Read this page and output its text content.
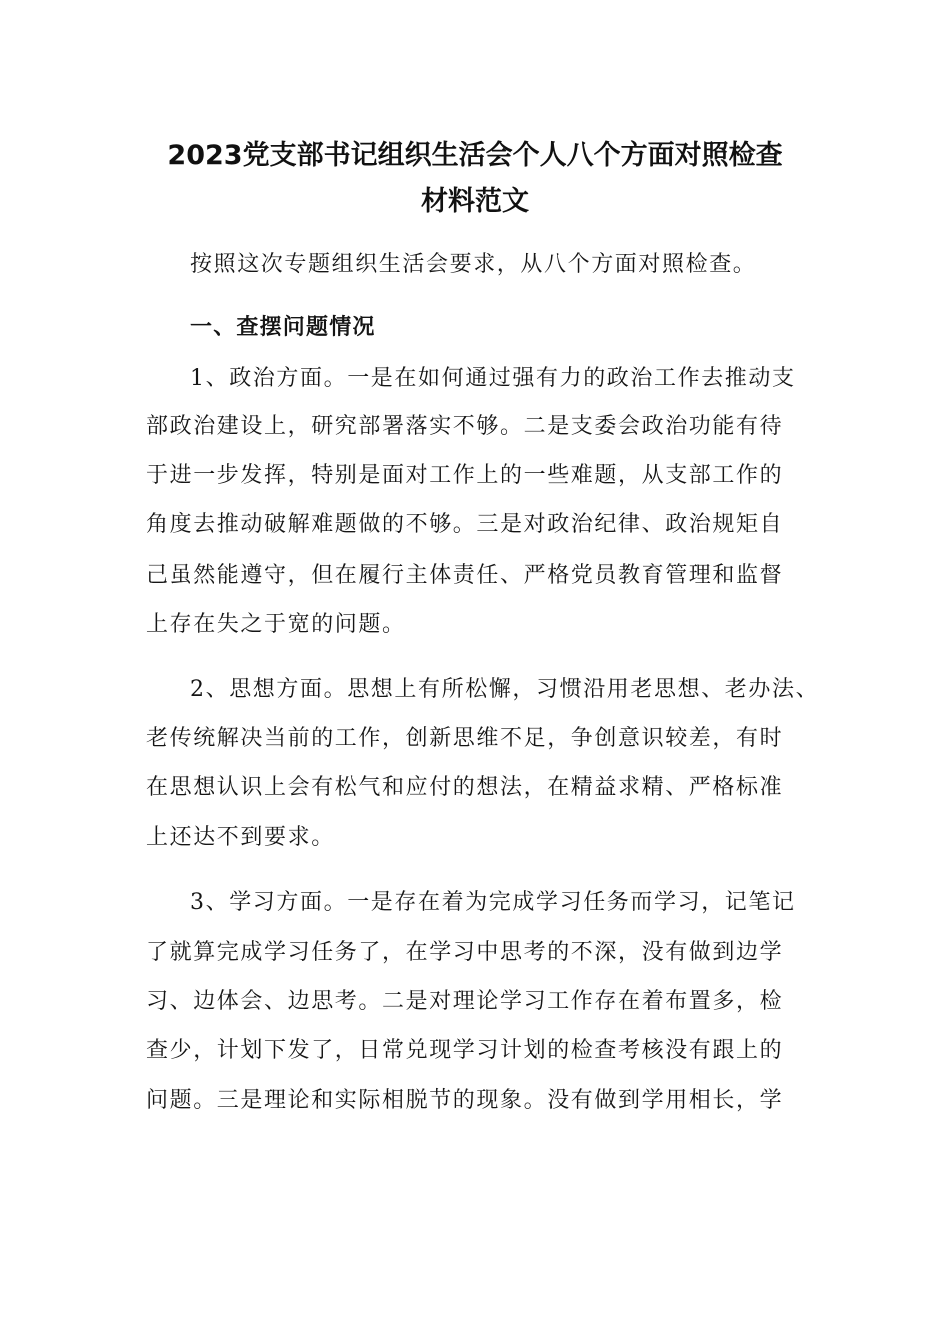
2023党支部书记组织生活会个人八个方面对照检查
材料范文
按照这次专题组织生活会要求，从八个方面对照检查。
一、查摆问题情况
1、政治方面。一是在如何通过强有力的政治工作去推动支
部政治建设上，研究部署落实不够。二是支委会政治功能有待
于进一步发挥，特别是面对工作上的一些难题，从支部工作的
角度去推动破解难题做的不够。三是对政治纪律、政治规矩自
己虽然能遵守，但在履行主体责任、严格党员教育管理和监督
上存在失之于宽的问题。
2、思想方面。思想上有所松懈，习惯沿用老思想、老办法、
老传统解决当前的工作，创新思维不足，争创意识较差，有时
在思想认识上会有松气和应付的想法，在精益求精、严格标准
上还达不到要求。
3、学习方面。一是存在着为完成学习任务而学习，记笔记
了就算完成学习任务了，在学习中思考的不深，没有做到边学
习、边体会、边思考。二是对理论学习工作存在着布置多，检
查少，计划下发了，日常兑现学习计划的检查考核没有跟上的
问题。三是理论和实际相脱节的现象。没有做到学用相长，学
